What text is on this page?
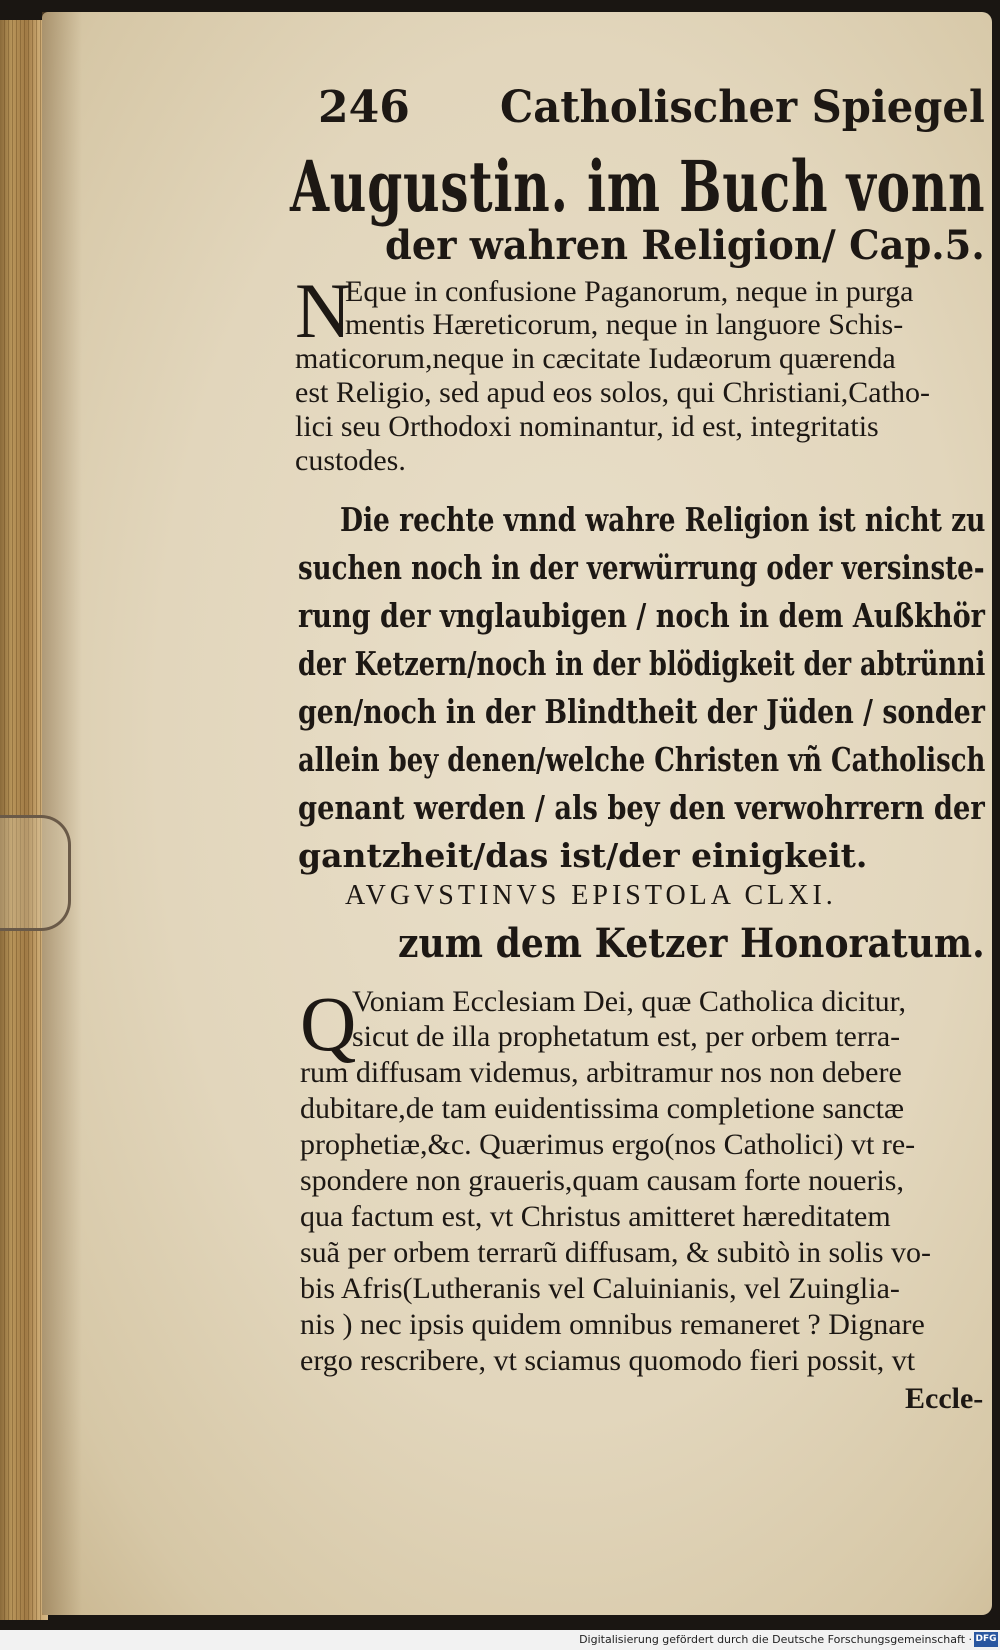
246 Catholischer Spiegel
Augustin. im Buch vonn
der wahren Religion/ Cap.5.
N
Eque in confusione Paganorum, neque in purga
mentis Hæreticorum, neque in languore Schis-
maticorum,neque in cæcitate Iudæorum quærenda
est Religio, sed apud eos solos, qui Christiani,Catho-
lici seu Orthodoxi nominantur, id est, integritatis
custodes.
Die rechte vnnd wahre Religion ist nicht zu
suchen noch in der verwürrung oder versinste-
rung der vnglaubigen / noch in dem Außkhör
der Ketzern/noch in der blödigkeit der abtrünni
gen/noch in der Blindtheit der Jüden / sonder
allein bey denen/welche Christen vñ Catholisch
genant werden / als bey den verwohrrern der
gantzheit/das ist/der einigkeit.
AVGVSTINVS EPISTOLA CLXI.
zum dem Ketzer Honoratum.
Q
Voniam Ecclesiam Dei, quæ Catholica dicitur,
sicut de illa prophetatum est, per orbem terra-
rum diffusam videmus, arbitramur nos non debere
dubitare,de tam euidentissima completione sanctæ
prophetiæ,&c. Quærimus ergo(nos Catholici) vt re-
spondere non graueris,quam causam forte noueris,
qua factum est, vt Christus amitteret hæreditatem
suã per orbem terrarũ diffusam, & subitò in solis vo-
bis Afris(Lutheranis vel Caluinianis, vel Zuinglia-
nis ) nec ipsis quidem omnibus remaneret ? Dignare
ergo rescribere, vt sciamus quomodo fieri possit, vt
Eccle-
Digitalisierung gefördert durch die Deutsche Forschungsgemeinschaft · DFG
